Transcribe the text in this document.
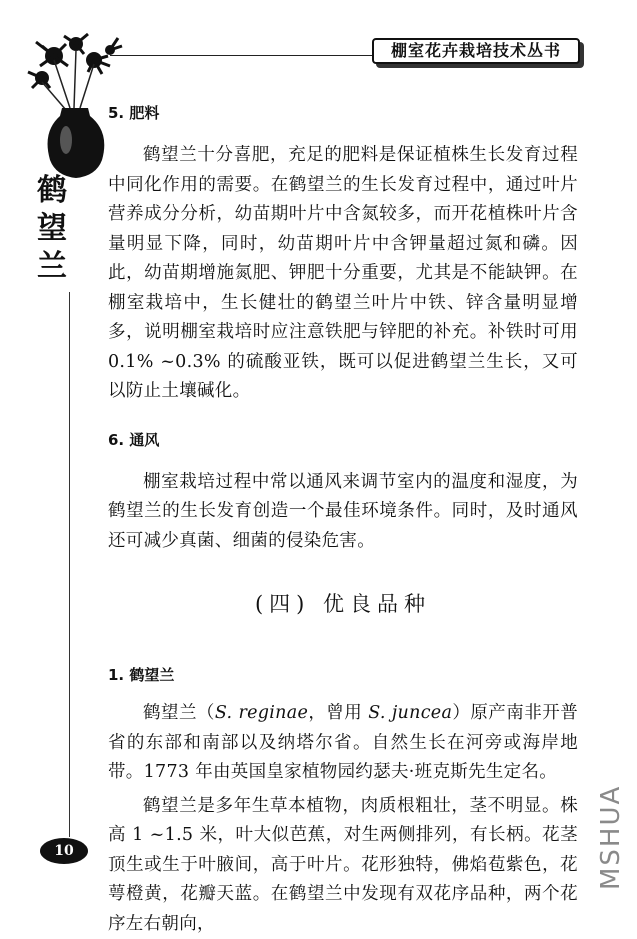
棚室花卉栽培技术丛书
鹤
望
兰

5. 肥料

鹤望兰十分喜肥，充足的肥料是保证植株生长发育过程中同化作用的需要。在鹤望兰的生长发育过程中，通过叶片营养成分分析，幼苗期叶片中含氮较多，而开花植株叶片含量明显下降，同时，幼苗期叶片中含钾量超过氮和磷。因此，幼苗期增施氮肥、钾肥十分重要，尤其是不能缺钾。在棚室栽培中，生长健壮的鹤望兰叶片中铁、锌含量明显增多，说明棚室栽培时应注意铁肥与锌肥的补充。补铁时可用 0.1% ~0.3% 的硫酸亚铁，既可以促进鹤望兰生长，又可以防止土壤碱化。

6. 通风

棚室栽培过程中常以通风来调节室内的温度和湿度，为鹤望兰的生长发育创造一个最佳环境条件。同时，及时通风还可减少真菌、细菌的侵染危害。

(四) 优良品种

1. 鹤望兰

鹤望兰（S. reginae，曾用 S. juncea）原产南非开普省的东部和南部以及纳塔尔省。自然生长在河旁或海岸地带。1773 年由英国皇家植物园约瑟夫·班克斯先生定名。

鹤望兰是多年生草本植物，肉质根粗壮，茎不明显。株高 1 ~1.5 米，叶大似芭蕉，对生两侧排列，有长柄。花茎顶生或生于叶腋间，高于叶片。花形独特，佛焰苞紫色，花萼橙黄，花瓣天蓝。在鹤望兰中发现有双花序品种，两个花序左右朝向，

10	MSHUA
